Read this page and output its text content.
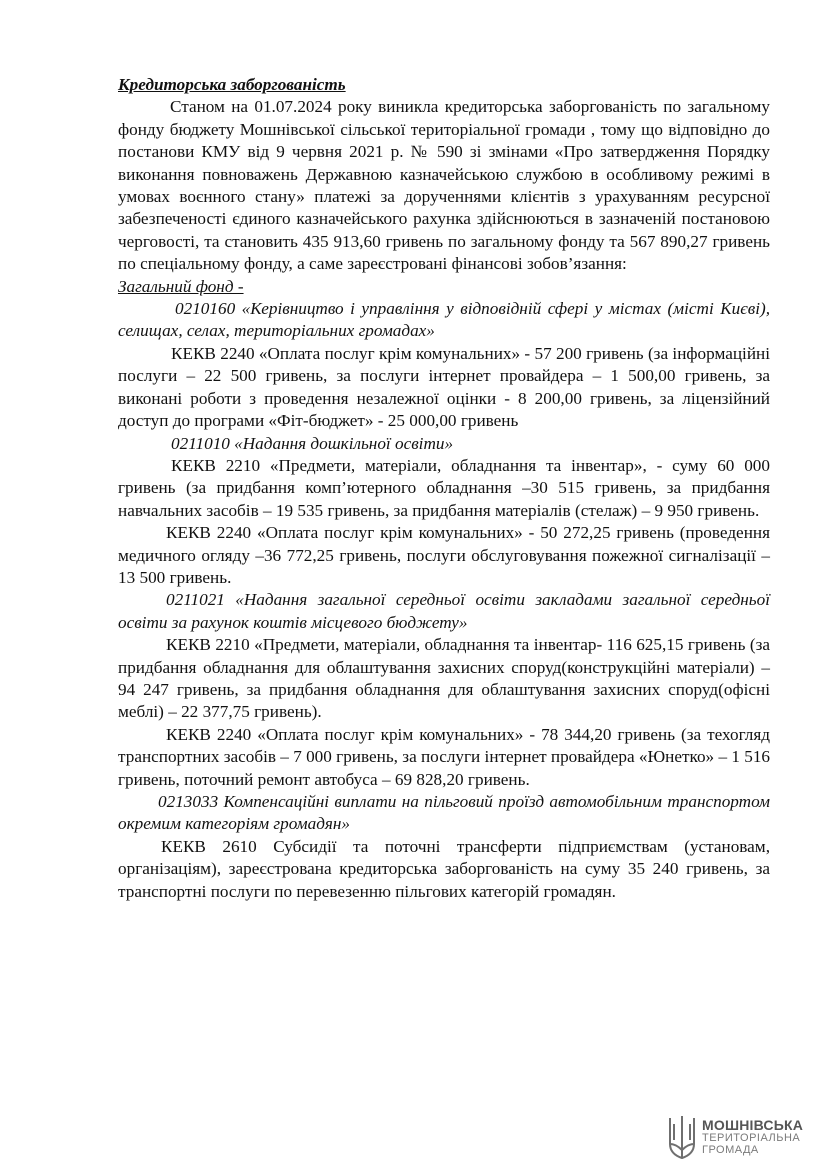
Кредиторська заборгованість

Станом на 01.07.2024 року виникла кредиторська заборгованість по загальному фонду бюджету Мошнівської сільської територіальної громади , тому що відповідно до постанови КМУ від 9 червня 2021 р. № 590 зі змінами «Про затвердження Порядку виконання повноважень Державною казначейською службою в особливому режимі в умовах воєнного стану» платежі за дорученнями клієнтів з урахуванням ресурсної забезпеченості єдиного казначейського рахунка здійснюються в зазначеній постановою черговості, та становить 435 913,60 гривень по загальному фонду та 567 890,27 гривень по спеціальному фонду, а саме зареєстровані фінансові зобов’язання:

Загальний фонд -

0210160 «Керівництво і управління у відповідній сфері у містах (місті Києві), селищах, селах, територіальних громадах»

КЕКВ 2240 «Оплата послуг крім комунальних» - 57 200 гривень (за інформаційні послуги – 22 500 гривень, за послуги інтернет провайдера – 1 500,00 гривень, за виконані роботи з проведення незалежної оцінки - 8 200,00 гривень, за ліцензійний доступ до програми «Фіт-бюджет» - 25 000,00 гривень

0211010 «Надання дошкільної освіти»

КЕКВ 2210 «Предмети, матеріали, обладнання та інвентар», - суму 60 000 гривень (за придбання комп’ютерного обладнання –30 515 гривень, за придбання навчальних засобів – 19 535 гривень, за придбання матеріалів (стелаж) – 9 950 гривень.

КЕКВ 2240 «Оплата послуг крім комунальних» - 50 272,25 гривень (проведення медичного огляду –36 772,25 гривень, послуги обслуговування пожежної сигналізації – 13 500 гривень.

0211021 «Надання загальної середньої освіти закладами загальної середньої освіти за рахунок коштів місцевого бюджету»

КЕКВ 2210 «Предмети, матеріали, обладнання та інвентар- 116 625,15 гривень (за придбання обладнання для облаштування захисних споруд(конструкційні матеріали) – 94 247 гривень, за придбання обладнання для облаштування захисних споруд(офісні меблі) – 22 377,75 гривень).

КЕКВ 2240 «Оплата послуг крім комунальних» - 78 344,20 гривень (за техогляд транспортних засобів – 7 000 гривень, за послуги інтернет провайдера «Юнетко» – 1 516 гривень, поточний ремонт автобуса – 69 828,20 гривень.

0213033 Компенсаційні виплати на пільговий проїзд автомобільним транспортом окремим категоріям громадян»

КЕКВ 2610 Субсидії та поточні трансферти підприємствам (установам, організаціям), зареєстрована кредиторська заборгованість на суму 35 240 гривень, за транспортні послуги по перевезенню пільгових категорій громадян.

МОШНІВСЬКА
ТЕРИТОРІАЛЬНА
ГРОМАДА
